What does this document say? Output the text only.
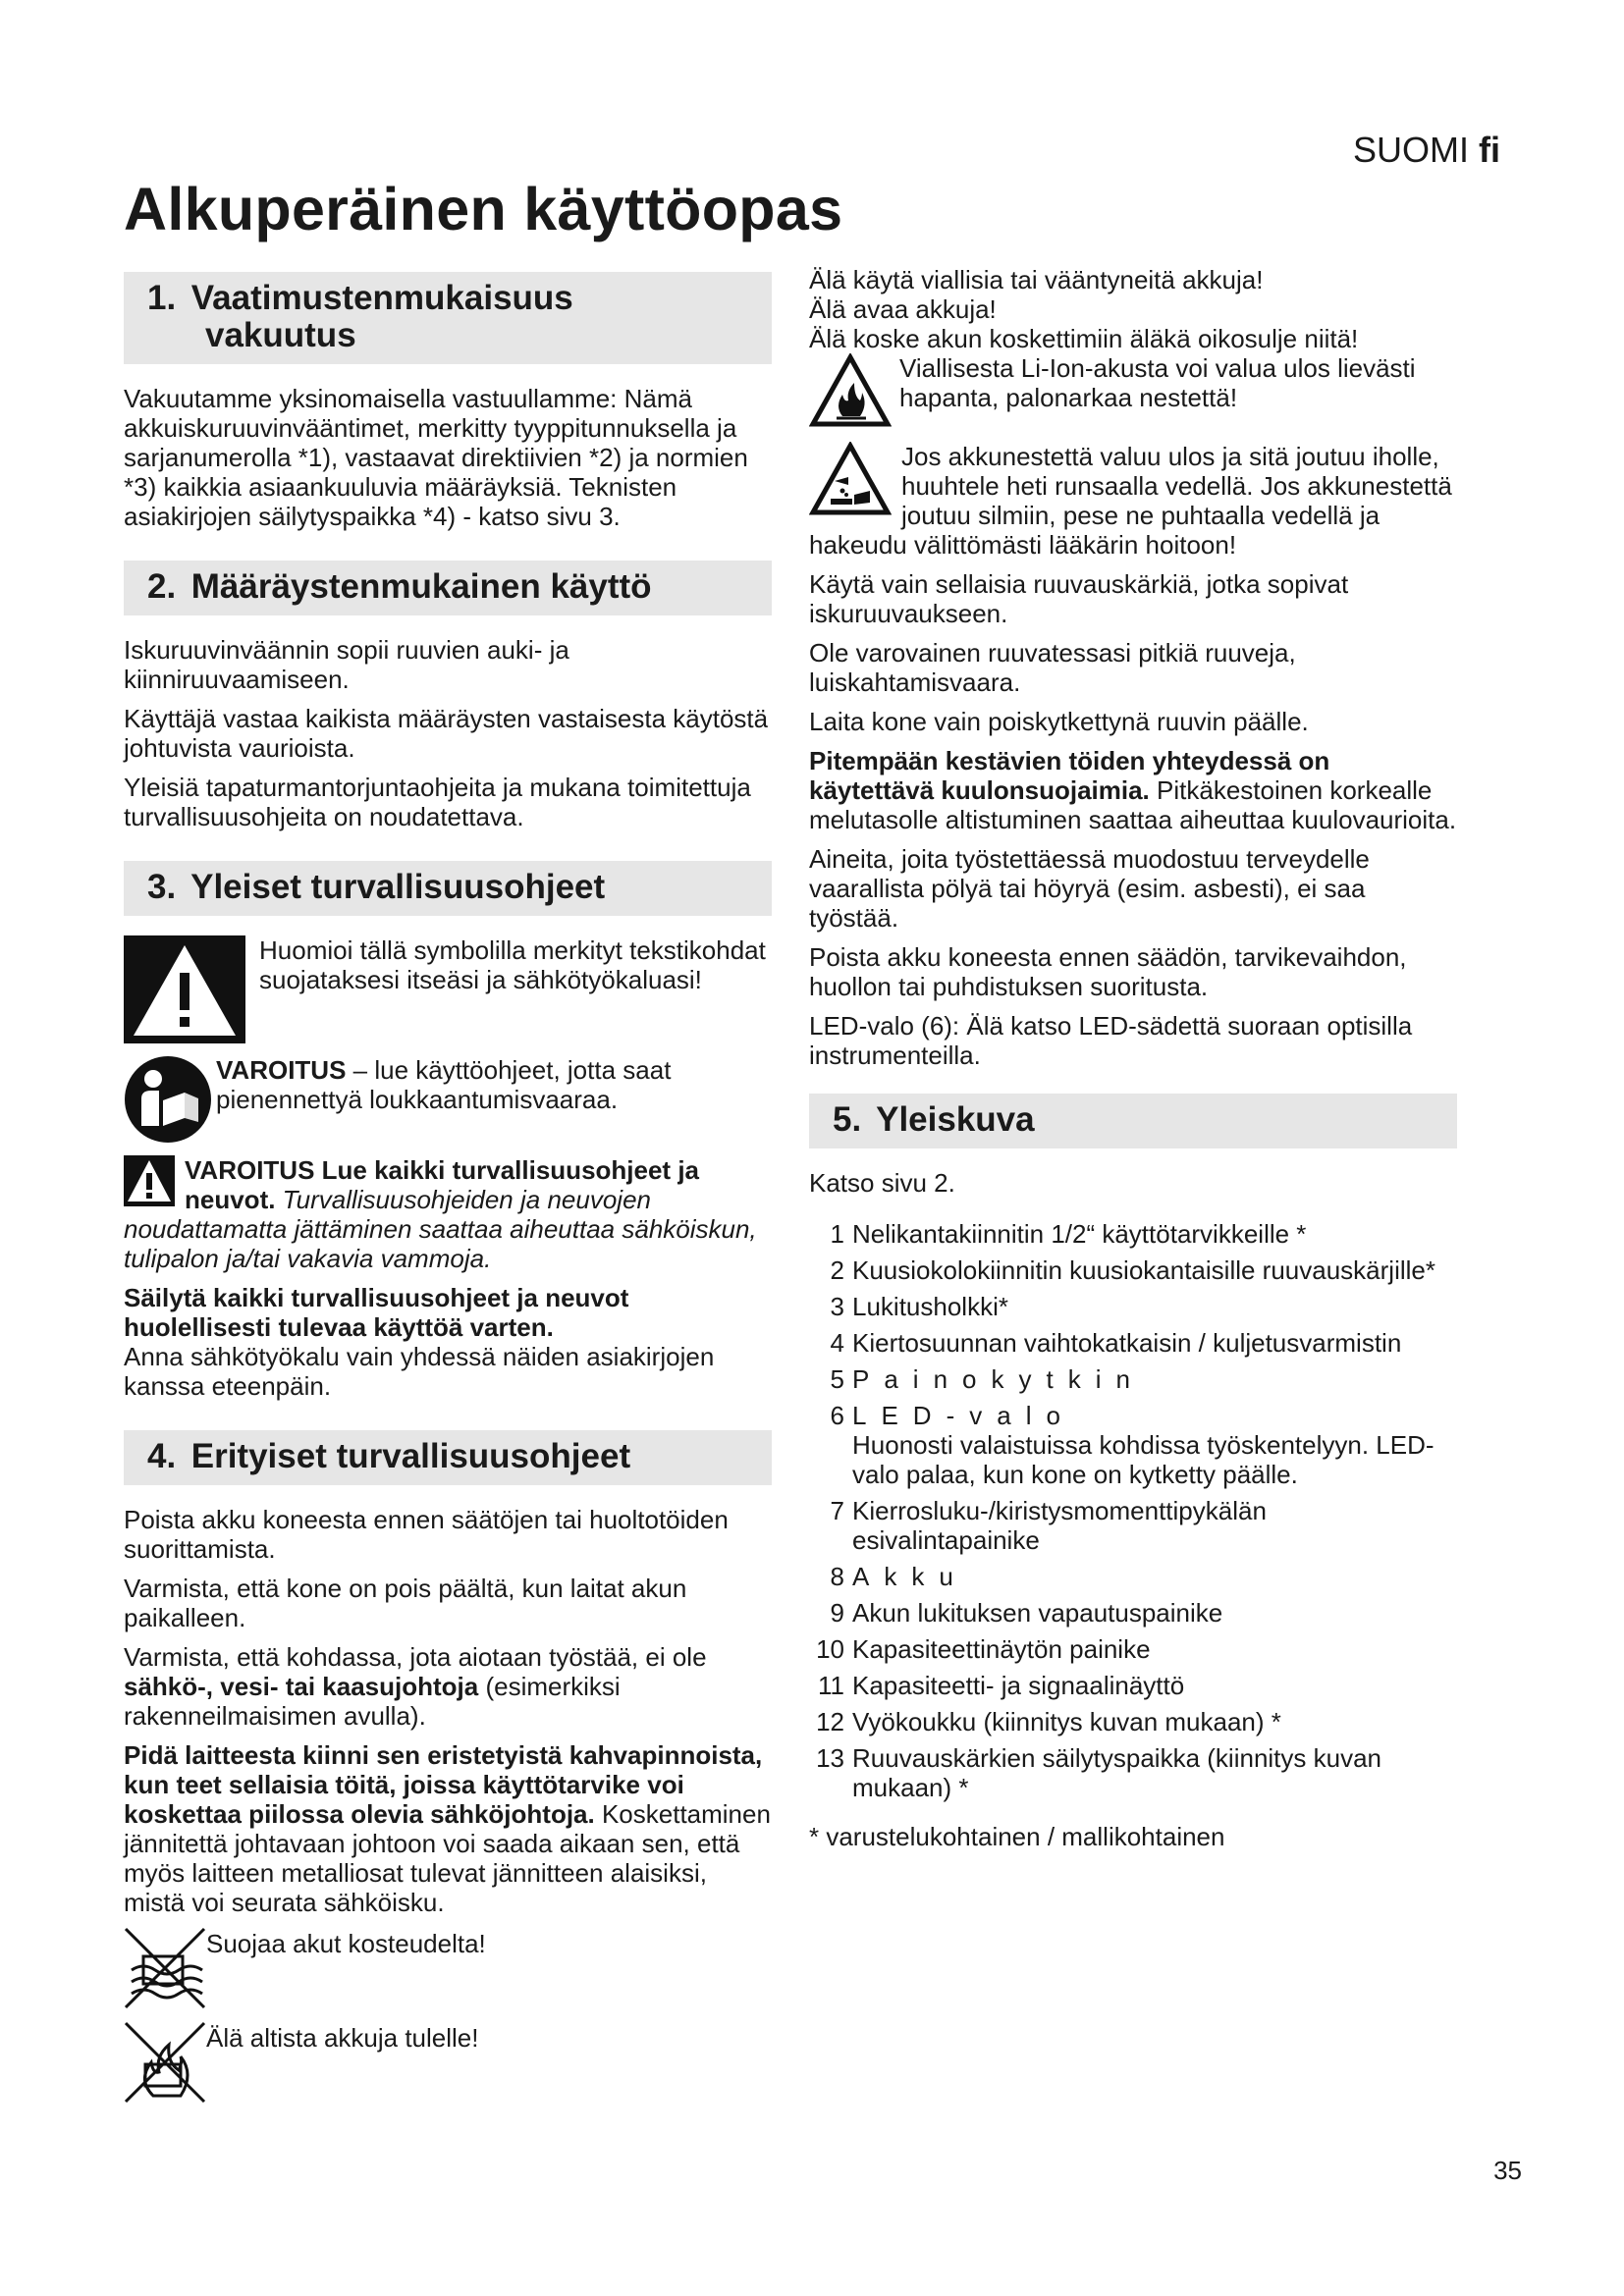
SUOMI fi
Alkuperäinen käyttöopas
1. Vaatimustenmukaisuus
vakuutus

Vakuutamme yksinomaisella vastuullamme: Nämä akkuiskuruuvinvääntimet, merkitty tyyppitunnuksella ja sarjanumerolla *1), vastaavat direktiivien *2) ja normien *3) kaikkia asiaankuuluvia määräyksiä. Teknisten asiakirjojen säilytyspaikka *4) - katso sivu 3.

2. Määräystenmukainen käyttö

Iskuruuvinväännin sopii ruuvien auki- ja kiinniruuvaamiseen.

Käyttäjä vastaa kaikista määräysten vastaisesta käytöstä johtuvista vaurioista.

Yleisiä tapaturmantorjuntaohjeita ja mukana toimitettuja turvallisuusohjeita on noudatettava.

3. Yleiset turvallisuusohjeet
Huomioi tällä symbolilla merkityt tekstikohdat suojataksesi itseäsi ja sähkötyökaluasi!
VAROITUS – lue käyttöohjeet, jotta saat pienennettyä loukkaantumisvaaraa.

VAROITUS Lue kaikki turvallisuusohjeet ja neuvot. Turvallisuusohjeiden ja neuvojen noudattamatta jättäminen saattaa aiheuttaa sähköiskun, tulipalon ja/tai vakavia vammoja.

Säilytä kaikki turvallisuusohjeet ja neuvot huolellisesti tulevaa käyttöä varten.
Anna sähkötyökalu vain yhdessä näiden asiakirjojen kanssa eteenpäin.

4. Erityiset turvallisuusohjeet

Poista akku koneesta ennen säätöjen tai huoltotöiden suorittamista.

Varmista, että kone on pois päältä, kun laitat akun paikalleen.

Varmista, että kohdassa, jota aiotaan työstää, ei ole sähkö-, vesi- tai kaasujohtoja (esimerkiksi rakenneilmaisimen avulla).

Pidä laitteesta kiinni sen eristetyistä kahvapinnoista, kun teet sellaisia töitä, joissa käyttötarvike voi koskettaa piilossa olevia sähköjohtoja. Koskettaminen jännitettä johtavaan johtoon voi saada aikaan sen, että myös laitteen metalliosat tulevat jännitteen alaisiksi, mistä voi seurata sähköisku.

Suojaa akut kosteudelta!
Älä altista akkuja tulelle!

Älä käytä viallisia tai vääntyneitä akkuja!

Älä avaa akkuja!

Älä koske akun koskettimiin äläkä oikosulje niitä!

Viallisesta Li-Ion-akusta voi valua ulos lievästi hapanta, palonarkaa nestettä!

Jos akkunestettä valuu ulos ja sitä joutuu iholle, huuhtele heti runsaalla vedellä. Jos akkunestettä joutuu silmiin, pese ne puhtaalla vedellä ja hakeudu välittömästi lääkärin hoitoon!

Käytä vain sellaisia ruuvauskärkiä, jotka sopivat iskuruuvaukseen.

Ole varovainen ruuvatessasi pitkiä ruuveja, luiskahtamisvaara.

Laita kone vain poiskytkettynä ruuvin päälle.

Pitempään kestävien töiden yhteydessä on käytettävä kuulonsuojaimia. Pitkäkestoinen korkealle melutasolle altistuminen saattaa aiheuttaa kuulovaurioita.

Aineita, joita työstettäessä muodostuu terveydelle vaarallista pölyä tai höyryä (esim. asbesti), ei saa työstää.

Poista akku koneesta ennen säädön, tarvikevaihdon, huollon tai puhdistuksen suoritusta.

LED-valo (6): Älä katso LED-sädettä suoraan optisilla instrumenteilla.

5. Yleiskuva

Katso sivu 2.

1 Nelikantakiinnitin 1/2“ käyttötarvikkeille *
2 Kuusiokolokiinnitin kuusiokantaisille ruuvauskärjille*
3 Lukitusholkki*
4 Kiertosuunnan vaihtokatkaisin / kuljetusvarmistin
5 Painokytkin
6 LED-valo
Huonosti valaistuissa kohdissa työskentelyyn. LED-valo palaa, kun kone on kytketty päälle.
7 Kierrosluku-/kiristysmomenttipykälän esivalintapainike
8 Akku
9 Akun lukituksen vapautuspainike
10 Kapasiteettinäytön painike
11 Kapasiteetti- ja signaalinäyttö
12 Vyökoukku (kiinnitys kuvan mukaan) *
13 Ruuvauskärkien säilytyspaikka (kiinnitys kuvan mukaan) *

* varustelukohtainen / mallikohtainen

35
